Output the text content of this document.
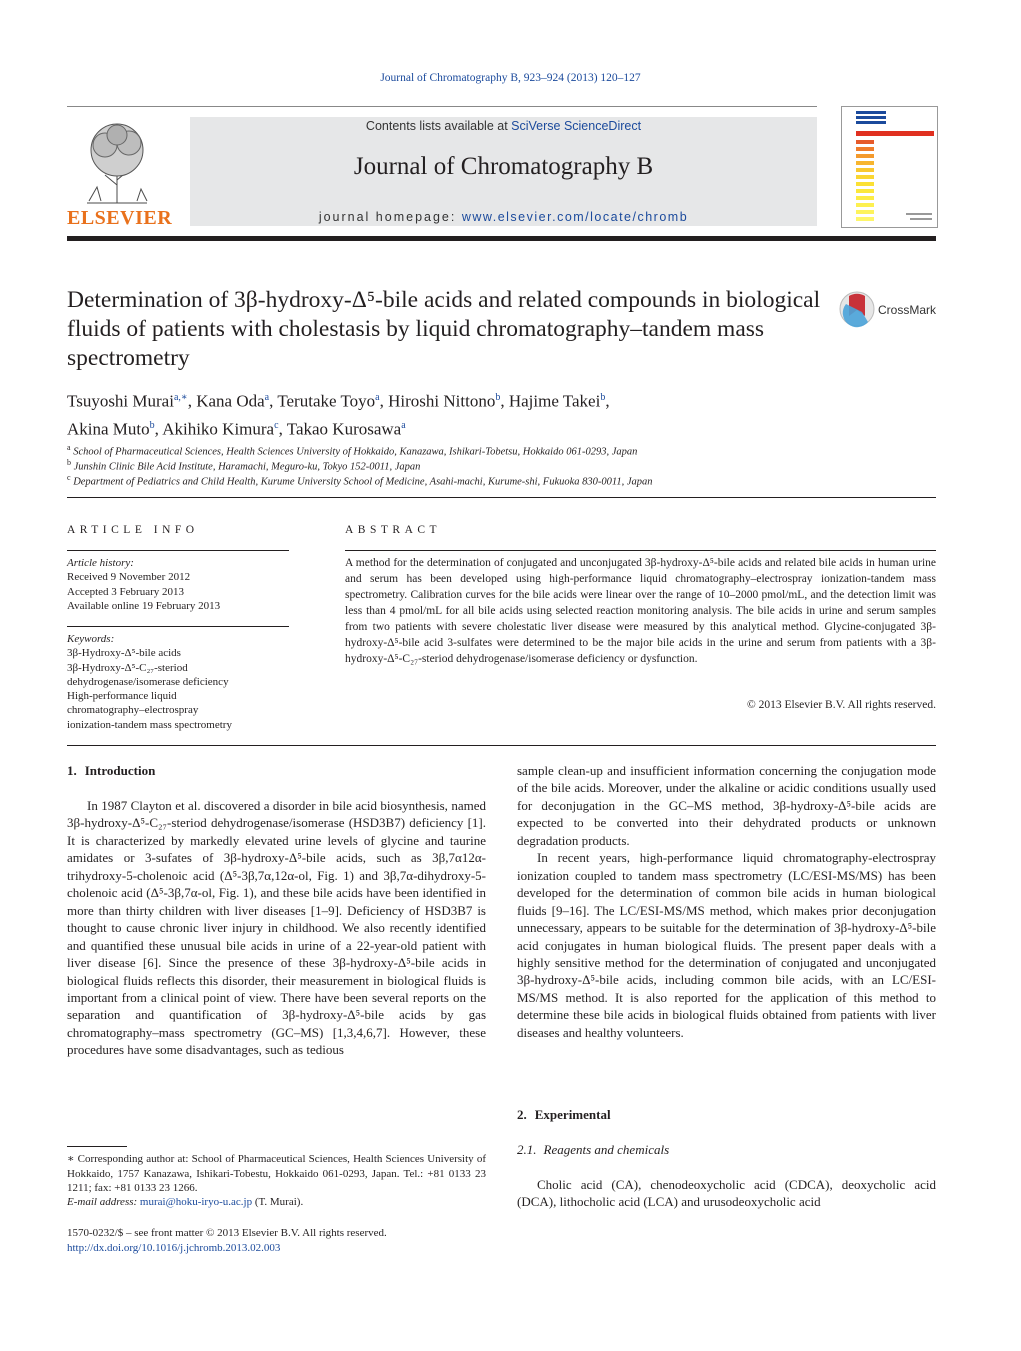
Journal of Chromatography B, 923–924 (2013) 120–127
ELSEVIER
Contents lists available at SciVerse ScienceDirect
Journal of Chromatography B
journal homepage: www.elsevier.com/locate/chromb
Determination of 3β-hydroxy-Δ⁵-bile acids and related compounds in biological fluids of patients with cholestasis by liquid chromatography–tandem mass spectrometry
CrossMark
Tsuyoshi Murai$^{a,∗}$, Kana Oda$^a$, Terutake Toyo$^a$, Hiroshi Nittono$^b$, Hajime Takei$^b$,
Akina Muto$^b$, Akihiko Kimura$^c$, Takao Kurosawa$^a$
$^a$ School of Pharmaceutical Sciences, Health Sciences University of Hokkaido, Kanazawa, Ishikari-Tobetsu, Hokkaido 061-0293, Japan
$^b$ Junshin Clinic Bile Acid Institute, Haramachi, Meguro-ku, Tokyo 152-0011, Japan
$^c$ Department of Pediatrics and Child Health, Kurume University School of Medicine, Asahi-machi, Kurume-shi, Fukuoka 830-0011, Japan
ARTICLE INFO
Article history:
Received 9 November 2012
Accepted 3 February 2013
Available online 19 February 2013
Keywords:
3β-Hydroxy-Δ⁵-bile acids
3β-Hydroxy-Δ⁵-C₂₇-steriod
dehydrogenase/isomerase deficiency
High-performance liquid
chromatography–electrospray
ionization-tandem mass spectrometry
ABSTRACT
A method for the determination of conjugated and unconjugated 3β-hydroxy-Δ⁵-bile acids and related bile acids in human urine and serum has been developed using high-performance liquid chromatography–electrospray ionization-tandem mass spectrometry. Calibration curves for the bile acids were linear over the range of 10–2000 pmol/mL, and the detection limit was less than 4 pmol/mL for all bile acids using selected reaction monitoring analysis. The bile acids in urine and serum samples from two patients with severe cholestatic liver disease were measured by this analytical method. Glycine-conjugated 3β-hydroxy-Δ⁵-bile acid 3-sulfates were determined to be the major bile acids in the urine and serum from patients with a 3β-hydroxy-Δ⁵-C₂₇-steriod dehydrogenase/isomerase deficiency or dysfunction.
© 2013 Elsevier B.V. All rights reserved.
1. Introduction

In 1987 Clayton et al. discovered a disorder in bile acid biosynthesis, named 3β-hydroxy-Δ⁵-C₂₇-steriod dehydrogenase/isomerase (HSD3B7) deficiency [1]. It is characterized by markedly elevated urine levels of glycine and taurine amidates or 3-sufates of 3β-hydroxy-Δ⁵-bile acids, such as 3β,7α12α-trihydroxy-5-cholenoic acid (Δ⁵-3β,7α,12α-ol, Fig. 1) and 3β,7α-dihydroxy-5-cholenoic acid (Δ⁵-3β,7α-ol, Fig. 1), and these bile acids have been identified in more than thirty children with liver diseases [1–9]. Deficiency of HSD3B7 is thought to cause chronic liver injury in childhood. We also recently identified and quantified these unusual bile acids in urine of a 22-year-old patient with liver disease [6]. Since the presence of these 3β-hydroxy-Δ⁵-bile acids in biological fluids reflects this disorder, their measurement in biological fluids is important from a clinical point of view. There have been several reports on the separation and quantification of 3β-hydroxy-Δ⁵-bile acids by gas chromatography–mass spectrometry (GC–MS) [1,3,4,6,7]. However, these procedures have some disadvantages, such as tedious

∗ Corresponding author at: School of Pharmaceutical Sciences, Health Sciences University of Hokkaido, 1757 Kanazawa, Ishikari-Tobestu, Hokkaido 061-0293, Japan. Tel.: +81 0133 23 1211; fax: +81 0133 23 1266.
E-mail address: murai@hoku-iryo-u.ac.jp (T. Murai).
1570-0232/$ – see front matter © 2013 Elsevier B.V. All rights reserved.
http://dx.doi.org/10.1016/j.jchromb.2013.02.003

sample clean-up and insufficient information concerning the conjugation mode of the bile acids. Moreover, under the alkaline or acidic conditions usually used for deconjugation in the GC–MS method, 3β-hydroxy-Δ⁵-bile acids are expected to be converted into their dehydrated products or unknown degradation products.

In recent years, high-performance liquid chromatography-electrospray ionization coupled to tandem mass spectrometry (LC/ESI-MS/MS) has been developed for the determination of common bile acids in human biological fluids [9–16]. The LC/ESI-MS/MS method, which makes prior deconjugation unnecessary, appears to be suitable for the determination of 3β-hydroxy-Δ⁵-bile acid conjugates in human biological fluids. The present paper deals with a highly sensitive method for the determination of conjugated and unconjugated 3β-hydroxy-Δ⁵-bile acids, including common bile acids, with an LC/ESI-MS/MS method. It is also reported for the application of this method to determine these bile acids in biological fluids obtained from patients with liver diseases and healthy volunteers.

2. Experimental
2.1. Reagents and chemicals

Cholic acid (CA), chenodeoxycholic acid (CDCA), deoxycholic acid (DCA), lithocholic acid (LCA) and urusodeoxycholic acid
